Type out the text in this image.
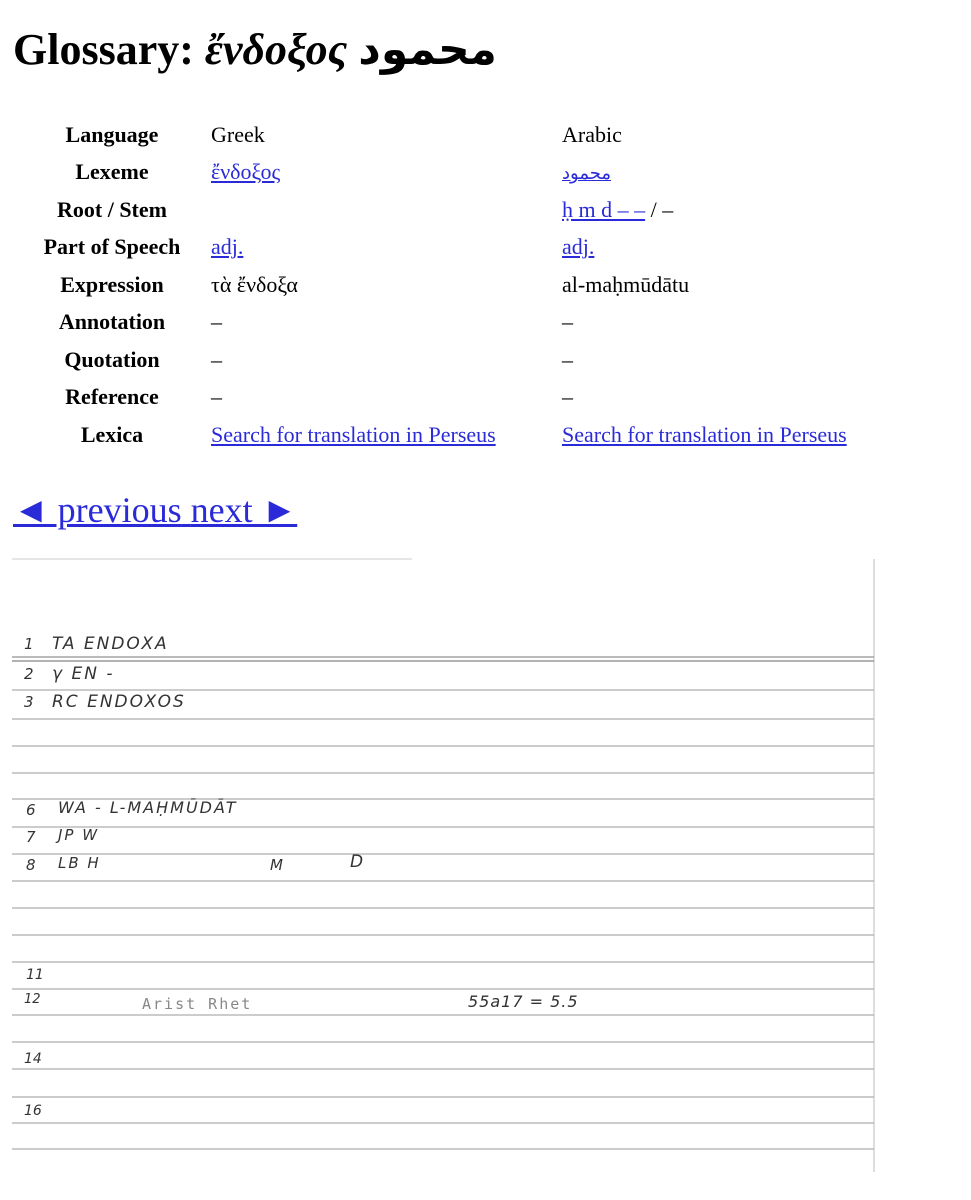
Glossary: ἔνδοξος محمود
Language	Greek	Arabic
Lexeme	ἔνδοξος	محمود
Root / Stem		ḥ m d – – / –
Part of Speech	adj.	adj.
Expression	τὰ ἔνδοξα	al-maḥmūdātu
Annotation	–	–
Quotation	–	–
Reference	–	–
Lexica	Search for translation in Perseus	Search for translation in Perseus
◄ previous next ►
1 TA ENDOXA
2 γ EN -
3 RC ENDOXOS
6 WA - L-MAḤMŪDĀT
7 JP W
8 LB H	M	D
11
12	Arist Rhet	55a17 = 5.5
14
16
